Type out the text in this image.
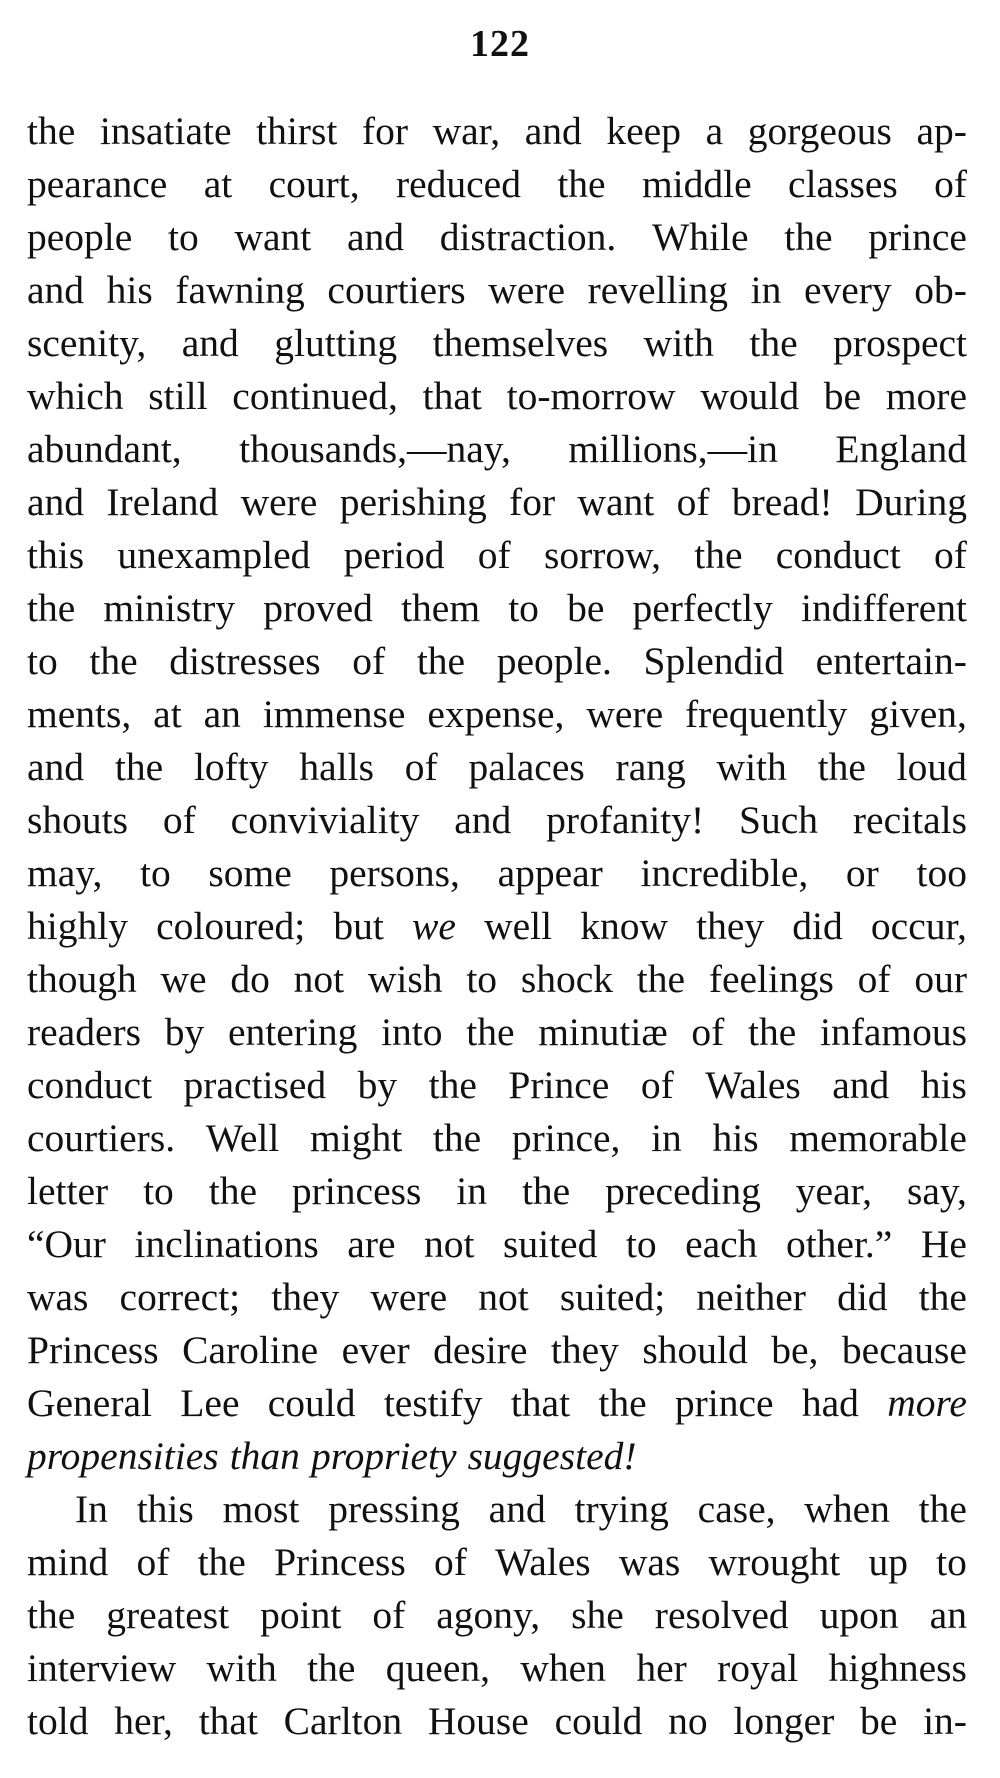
122
the insatiate thirst for war, and keep a gorgeous ap-
pearance at court, reduced the middle classes of
people to want and distraction. While the prince
and his fawning courtiers were revelling in every ob-
scenity, and glutting themselves with the prospect
which still continued, that to-morrow would be more
abundant, thousands,—nay, millions,—in England
and Ireland were perishing for want of bread! During
this unexampled period of sorrow, the conduct of
the ministry proved them to be perfectly indifferent
to the distresses of the people. Splendid entertain-
ments, at an immense expense, were frequently given,
and the lofty halls of palaces rang with the loud
shouts of conviviality and profanity! Such recitals
may, to some persons, appear incredible, or too
highly coloured; but we well know they did occur,
though we do not wish to shock the feelings of our
readers by entering into the minutiæ of the infamous
conduct practised by the Prince of Wales and his
courtiers. Well might the prince, in his memorable
letter to the princess in the preceding year, say,
“Our inclinations are not suited to each other.” He
was correct; they were not suited; neither did the
Princess Caroline ever desire they should be, because
General Lee could testify that the prince had more
propensities than propriety suggested!
In this most pressing and trying case, when the
mind of the Princess of Wales was wrought up to
the greatest point of agony, she resolved upon an
interview with the queen, when her royal highness
told her, that Carlton House could no longer be in-
